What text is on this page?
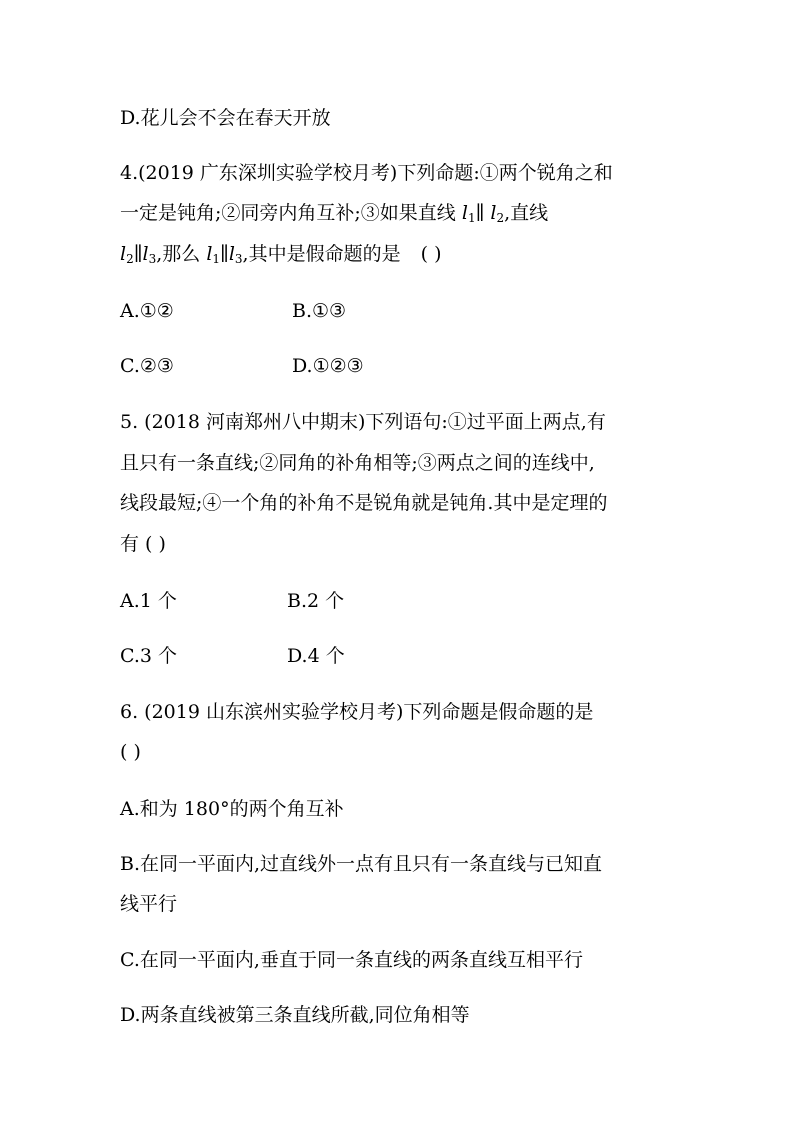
D.花儿会不会在春天开放
4.(2019 广东深圳实验学校月考)下列命题:①两个锐角之和
一定是钝角;②同旁内角互补;③如果直线 $l_1\parallel$ $l_2$,直线
$l_2\parallel l_3$,那么 $l_1\parallel l_3$,其中是假命题的是 ( )
A.①②	B.①③
C.②③	D.①②③
5. (2018 河南郑州八中期末)下列语句:①过平面上两点,有
且只有一条直线;②同角的补角相等;③两点之间的连线中,
线段最短;④一个角的补角不是锐角就是钝角.其中是定理的
有 ( )
A.1 个	B.2 个
C.3 个	D.4 个
6. (2019 山东滨州实验学校月考)下列命题是假命题的是
( )
A.和为 180°的两个角互补
B.在同一平面内,过直线外一点有且只有一条直线与已知直
线平行
C.在同一平面内,垂直于同一条直线的两条直线互相平行
D.两条直线被第三条直线所截,同位角相等
